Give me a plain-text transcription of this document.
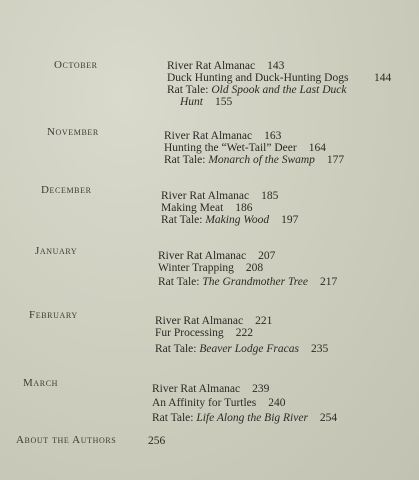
October	River Rat Almanac 143
Duck Hunting and Duck-Hunting Dogs 144
Rat Tale: Old Spook and the Last Duck
Hunt 155
November	River Rat Almanac 163
Hunting the “Wet-Tail” Deer 164
Rat Tale: Monarch of the Swamp 177
December	River Rat Almanac 185
Making Meat 186
Rat Tale: Making Wood 197
January	River Rat Almanac 207
Winter Trapping 208
Rat Tale: The Grandmother Tree 217
February	River Rat Almanac 221
Fur Processing 222
Rat Tale: Beaver Lodge Fracas 235
March	River Rat Almanac 239
An Affinity for Turtles 240
Rat Tale: Life Along the Big River 254
About the Authors	256
